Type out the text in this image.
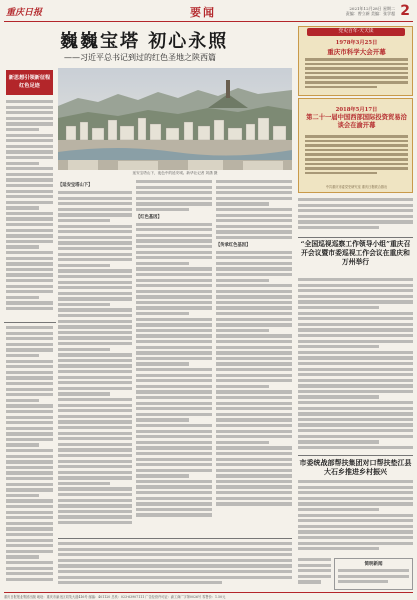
重庆日报	要闻	2021年12月28日 星期二
责编：曾立新 美编：张学超 2
巍巍宝塔 初心永照
——习近平总书记到过的红色圣地之陕西篇
新思想引领新征程
红色足迹
延安宝塔山下，夜色中的延安城。新华社记者 刘潇 摄
【延安宝塔山下】
【红色基因】
【传承红色基因】
党史百年·天天读
1978年3月25日
重庆市科学大会开幕
2018年5月17日
第二十一届中国西部国际投资贸易洽谈会在渝开幕
中共重庆市委党史研究室 重庆日报联合推出
“全国巡视巡察工作领导小组”重庆召开会议暨市委巡视工作会议在重庆和万州举行
市委统战部帮扶集团对口帮扶垫江县大石乡推进乡村振兴
简明新闻
重庆日报报业集团出版 地址：重庆市渝北区同茂大道416号 邮编：401120 总机：023-63907111 广告经营许可证：渝工商广字第0026号 零售价：1.50元
